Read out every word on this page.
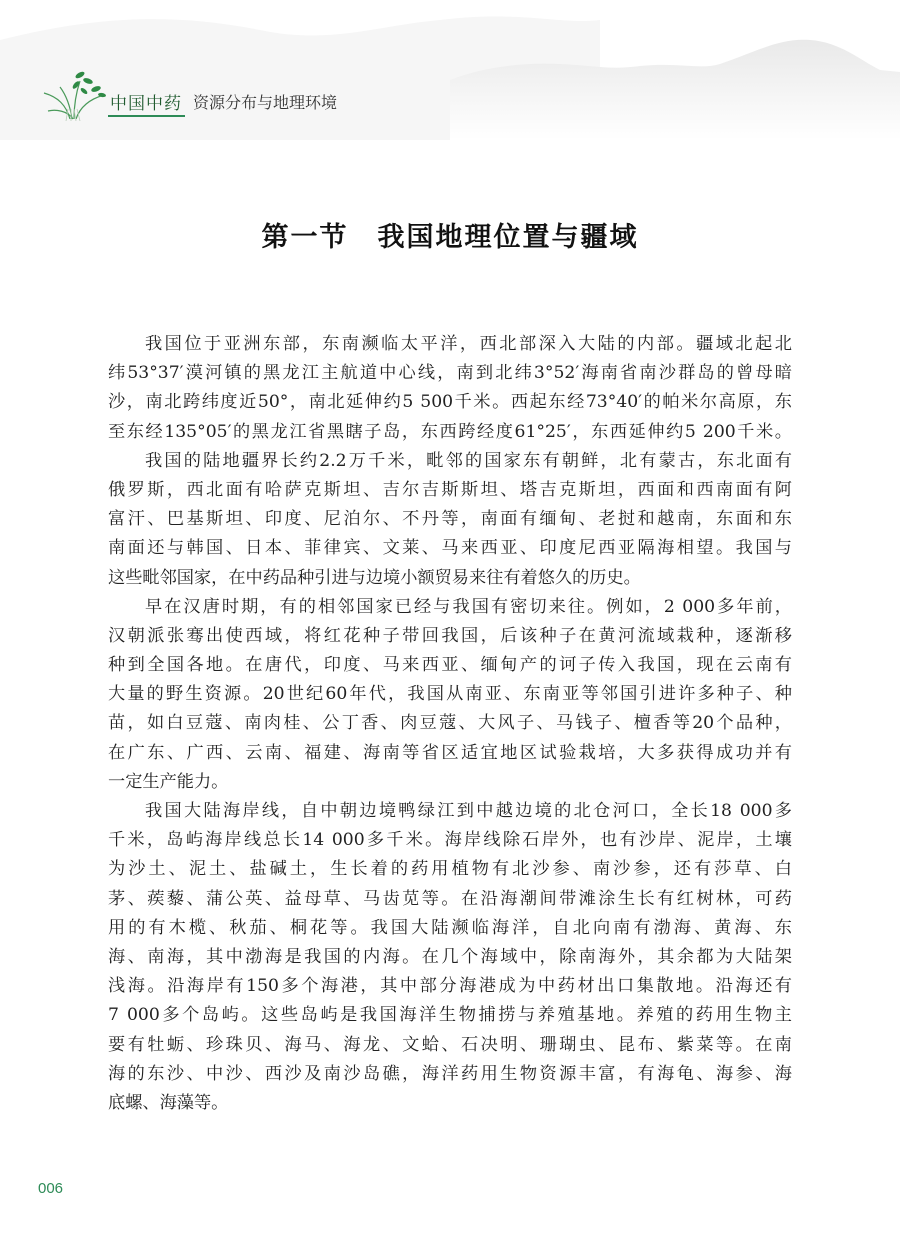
中国中药 资源分布与地理环境
第一节　我国地理位置与疆域
我国位于亚洲东部，东南濒临太平洋，西北部深入大陆的内部。疆域北起北
纬53°37′漠河镇的黑龙江主航道中心线，南到北纬3°52′海南省南沙群岛的曾母暗
沙，南北跨纬度近50°，南北延伸约5 500千米。西起东经73°40′的帕米尔高原，东
至东经135°05′的黑龙江省黑瞎子岛，东西跨经度61°25′，东西延伸约5 200千米。
我国的陆地疆界长约2.2万千米，毗邻的国家东有朝鲜，北有蒙古，东北面有
俄罗斯，西北面有哈萨克斯坦、吉尔吉斯斯坦、塔吉克斯坦，西面和西南面有阿
富汗、巴基斯坦、印度、尼泊尔、不丹等，南面有缅甸、老挝和越南，东面和东
南面还与韩国、日本、菲律宾、文莱、马来西亚、印度尼西亚隔海相望。我国与
这些毗邻国家，在中药品种引进与边境小额贸易来往有着悠久的历史。
早在汉唐时期，有的相邻国家已经与我国有密切来往。例如，2 000多年前，
汉朝派张骞出使西域，将红花种子带回我国，后该种子在黄河流域栽种，逐渐移
种到全国各地。在唐代，印度、马来西亚、缅甸产的诃子传入我国，现在云南有
大量的野生资源。20世纪60年代，我国从南亚、东南亚等邻国引进许多种子、种
苗，如白豆蔻、南肉桂、公丁香、肉豆蔻、大风子、马钱子、檀香等20个品种，
在广东、广西、云南、福建、海南等省区适宜地区试验栽培，大多获得成功并有
一定生产能力。
我国大陆海岸线，自中朝边境鸭绿江到中越边境的北仓河口，全长18 000多
千米，岛屿海岸线总长14 000多千米。海岸线除石岸外，也有沙岸、泥岸，土壤
为沙土、泥土、盐碱土，生长着的药用植物有北沙参、南沙参，还有莎草、白
茅、蒺藜、蒲公英、益母草、马齿苋等。在沿海潮间带滩涂生长有红树林，可药
用的有木榄、秋茄、桐花等。我国大陆濒临海洋，自北向南有渤海、黄海、东
海、南海，其中渤海是我国的内海。在几个海域中，除南海外，其余都为大陆架
浅海。沿海岸有150多个海港，其中部分海港成为中药材出口集散地。沿海还有
7 000多个岛屿。这些岛屿是我国海洋生物捕捞与养殖基地。养殖的药用生物主
要有牡蛎、珍珠贝、海马、海龙、文蛤、石决明、珊瑚虫、昆布、紫菜等。在南
海的东沙、中沙、西沙及南沙岛礁，海洋药用生物资源丰富，有海龟、海参、海
底螺、海藻等。
006
